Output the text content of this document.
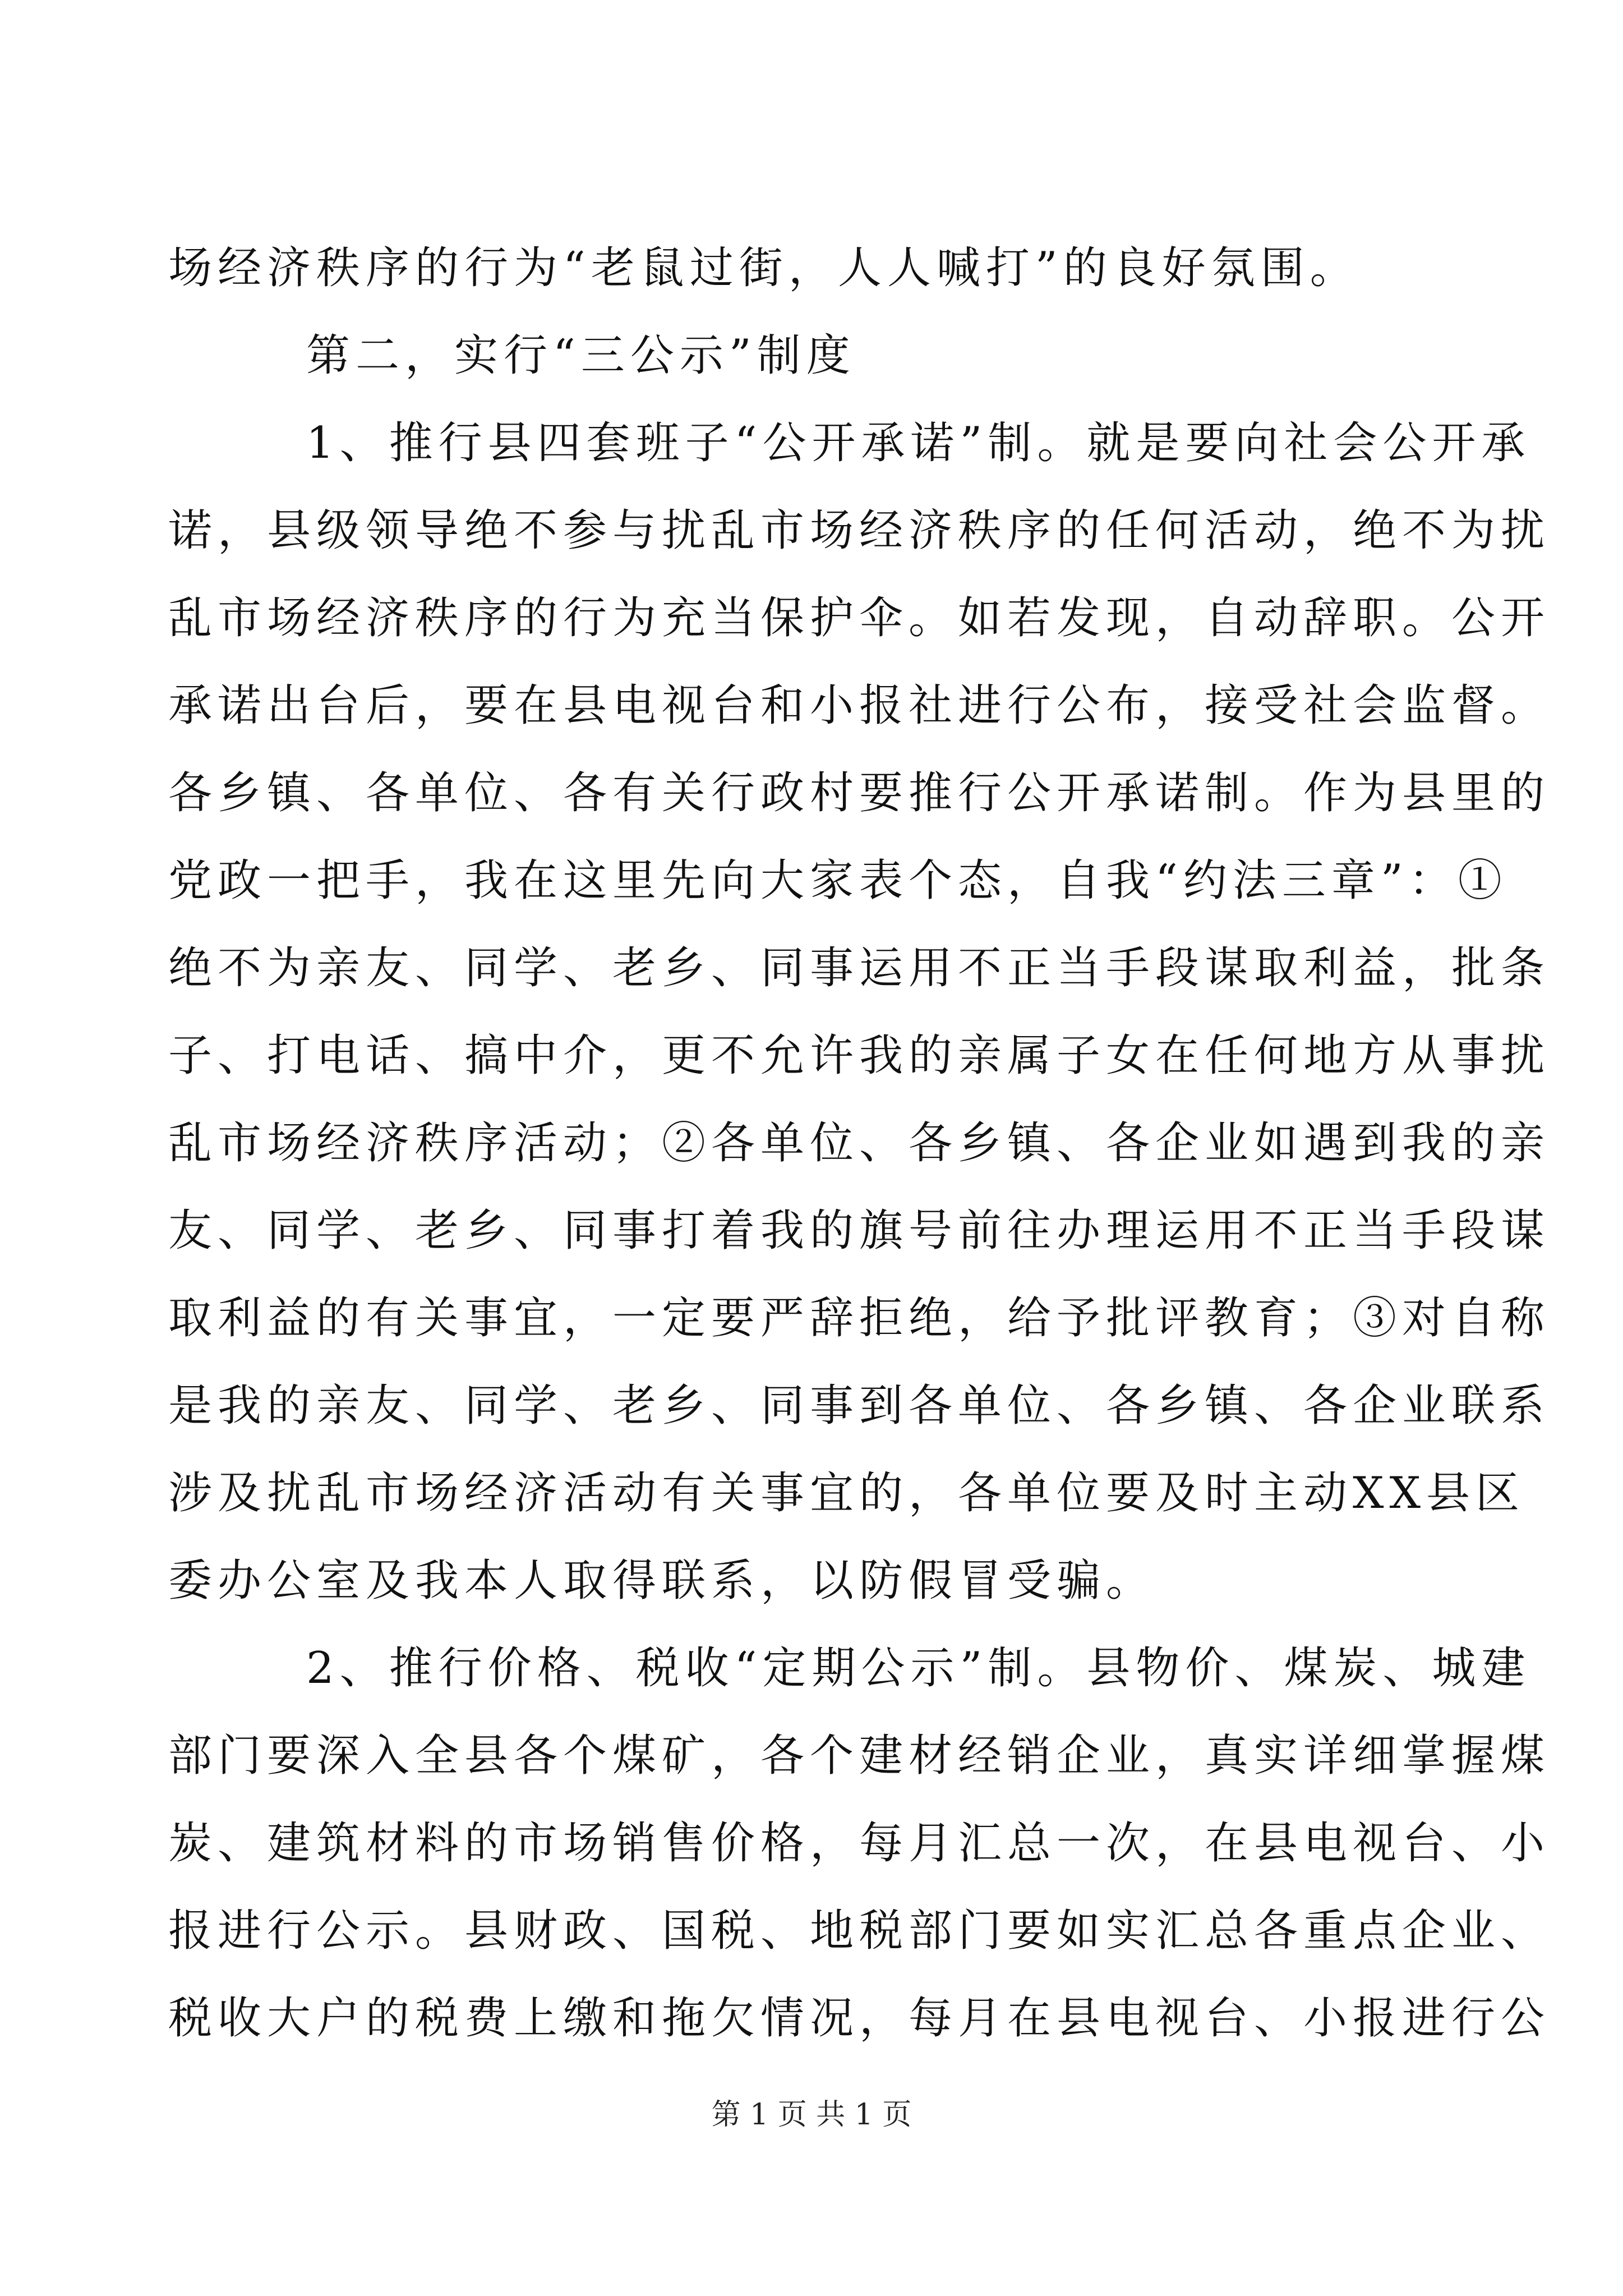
场经济秩序的行为“老鼠过街，人人喊打”的良好氛围。
第二，实行“三公示”制度
1、推行县四套班子“公开承诺”制。就是要向社会公开承
诺，县级领导绝不参与扰乱市场经济秩序的任何活动，绝不为扰
乱市场经济秩序的行为充当保护伞。如若发现，自动辞职。公开
承诺出台后，要在县电视台和小报社进行公布，接受社会监督。
各乡镇、各单位、各有关行政村要推行公开承诺制。作为县里的
党政一把手，我在这里先向大家表个态，自我“约法三章”：①
绝不为亲友、同学、老乡、同事运用不正当手段谋取利益，批条
子、打电话、搞中介，更不允许我的亲属子女在任何地方从事扰
乱市场经济秩序活动；②各单位、各乡镇、各企业如遇到我的亲
友、同学、老乡、同事打着我的旗号前往办理运用不正当手段谋
取利益的有关事宜，一定要严辞拒绝，给予批评教育；③对自称
是我的亲友、同学、老乡、同事到各单位、各乡镇、各企业联系
涉及扰乱市场经济活动有关事宜的，各单位要及时主动XX县区
委办公室及我本人取得联系，以防假冒受骗。
2、推行价格、税收“定期公示”制。县物价、煤炭、城建
部门要深入全县各个煤矿，各个建材经销企业，真实详细掌握煤
炭、建筑材料的市场销售价格，每月汇总一次，在县电视台、小
报进行公示。县财政、国税、地税部门要如实汇总各重点企业、
税收大户的税费上缴和拖欠情况，每月在县电视台、小报进行公
第 1 页 共 1 页
